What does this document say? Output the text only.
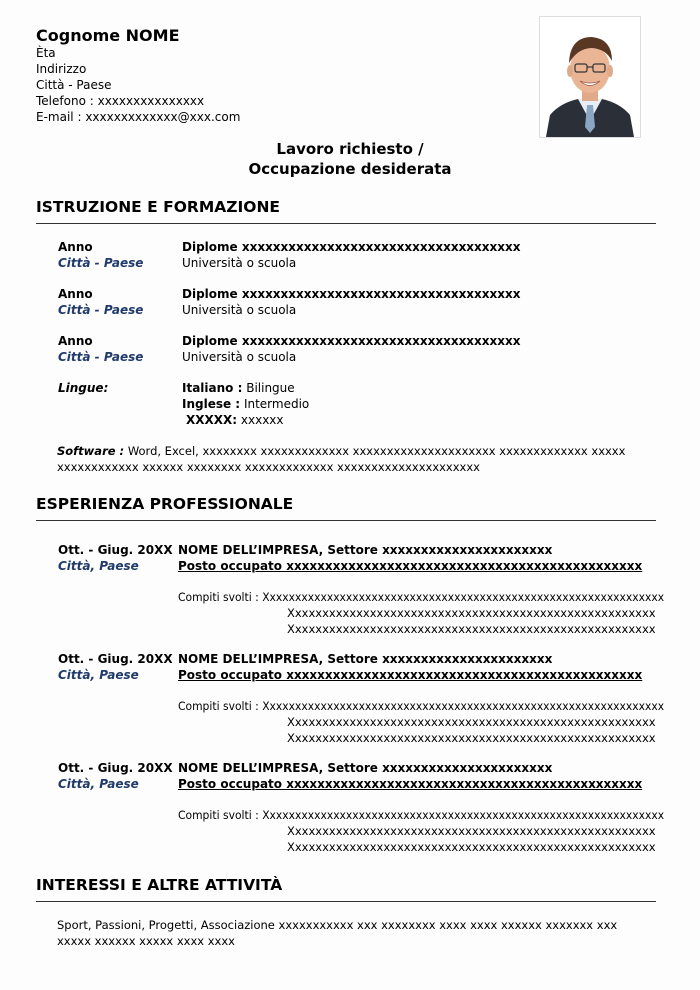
Cognome NOME
Èta
Indirizzo
Città - Paese
Telefono : xxxxxxxxxxxxxxx
E-mail : xxxxxxxxxxxxx@xxx.com
Lavoro richiesto /
Occupazione desiderata
ISTRUZIONE E FORMAZIONE
Anno
Città - Paese
Diplome xxxxxxxxxxxxxxxxxxxxxxxxxxxxxxxxxxxx
Università o scuola
Anno
Città - Paese
Diplome xxxxxxxxxxxxxxxxxxxxxxxxxxxxxxxxxxxx
Università o scuola
Anno
Città - Paese
Diplome xxxxxxxxxxxxxxxxxxxxxxxxxxxxxxxxxxxx
Università o scuola
Lingue:	Italiano : Bilingue
Inglese : Intermedio
XXXXX: xxxxxx
Software : Word, Excel, xxxxxxxx xxxxxxxxxxxxx xxxxxxxxxxxxxxxxxxxxx xxxxxxxxxxxxx xxxxx xxxxxxxxxxxx xxxxxx xxxxxxxx xxxxxxxxxxxxx xxxxxxxxxxxxxxxxxxxxx
ESPERIENZA PROFESSIONALE
Ott. - Giug. 20XX
Città, Paese
NOME DELL’IMPRESA, Settore xxxxxxxxxxxxxxxxxxxxxx
Posto occupato xxxxxxxxxxxxxxxxxxxxxxxxxxxxxxxxxxxxxxxxxxxxxx
Compiti svolti : Xxxxxxxxxxxxxxxxxxxxxxxxxxxxxxxxxxxxxxxxxxxxxxxxxxxxxxxxxxxxxxx
Xxxxxxxxxxxxxxxxxxxxxxxxxxxxxxxxxxxxxxxxxxxxxxxxxxxxxx
Xxxxxxxxxxxxxxxxxxxxxxxxxxxxxxxxxxxxxxxxxxxxxxxxxxxxxx
Ott. - Giug. 20XX
Città, Paese
NOME DELL’IMPRESA, Settore xxxxxxxxxxxxxxxxxxxxxx
Posto occupato xxxxxxxxxxxxxxxxxxxxxxxxxxxxxxxxxxxxxxxxxxxxxx
Compiti svolti : Xxxxxxxxxxxxxxxxxxxxxxxxxxxxxxxxxxxxxxxxxxxxxxxxxxxxxxxxxxxxxxx
Xxxxxxxxxxxxxxxxxxxxxxxxxxxxxxxxxxxxxxxxxxxxxxxxxxxxxx
Xxxxxxxxxxxxxxxxxxxxxxxxxxxxxxxxxxxxxxxxxxxxxxxxxxxxxx
Ott. - Giug. 20XX
Città, Paese
NOME DELL’IMPRESA, Settore xxxxxxxxxxxxxxxxxxxxxx
Posto occupato xxxxxxxxxxxxxxxxxxxxxxxxxxxxxxxxxxxxxxxxxxxxxx
Compiti svolti : Xxxxxxxxxxxxxxxxxxxxxxxxxxxxxxxxxxxxxxxxxxxxxxxxxxxxxxxxxxxxxxx
Xxxxxxxxxxxxxxxxxxxxxxxxxxxxxxxxxxxxxxxxxxxxxxxxxxxxxx
Xxxxxxxxxxxxxxxxxxxxxxxxxxxxxxxxxxxxxxxxxxxxxxxxxxxxxx
INTERESSI E ALTRE ATTIVITÀ
Sport, Passioni, Progetti, Associazione xxxxxxxxxxx xxx xxxxxxxx xxxx xxxx xxxxxx xxxxxxx xxx xxxxx xxxxxx xxxxx xxxx xxxx
